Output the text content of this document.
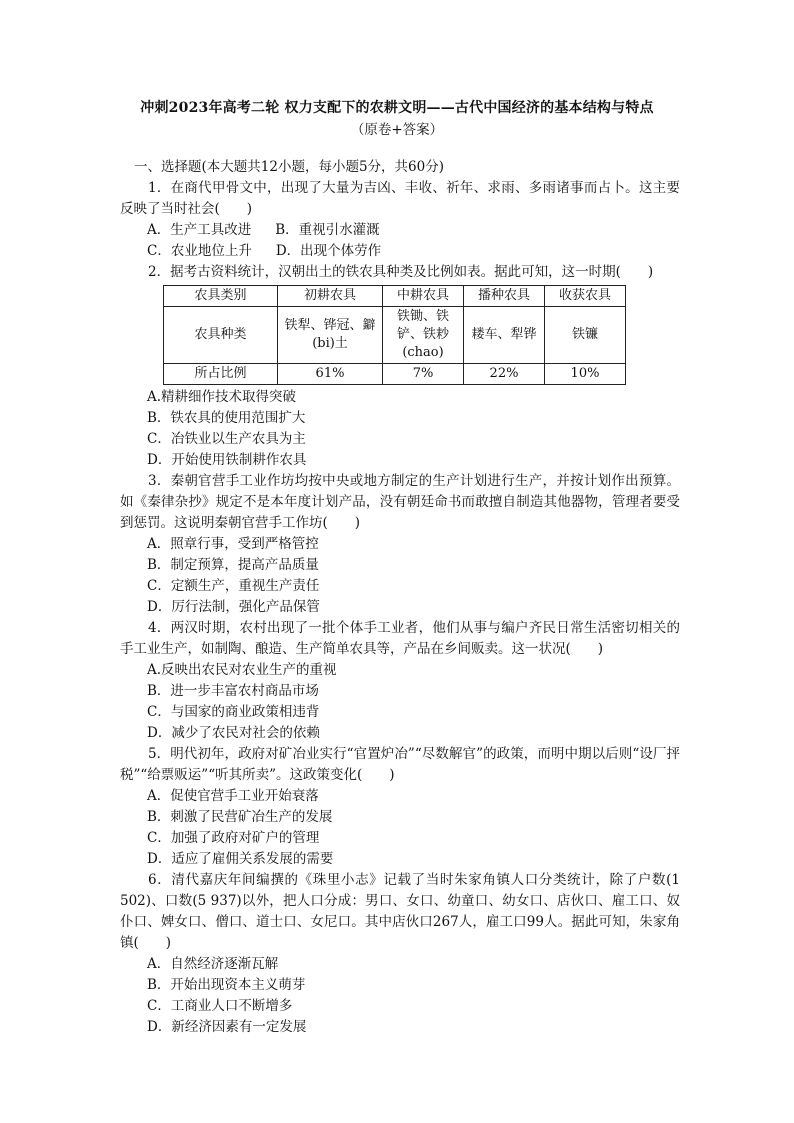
冲刺2023年高考二轮 权力支配下的农耕文明——古代中国经济的基本结构与特点
（原卷+答案）
一、选择题(本大题共12小题，每小题5分，共60分)
1．在商代甲骨文中，出现了大量为吉凶、丰收、祈年、求雨、多雨诸事而占卜。这主要反映了当时社会(　　)
A．生产工具改进 B．重视引水灌溉
C．农业地位上升 D．出现个体劳作
2．据考古资料统计，汉朝出土的铁农具种类及比例如表。据此可知，这一时期(　　)
农具类别	初耕农具	中耕农具	播种农具	收获农具
农具种类	铁犁、铧冠、鐴(bi)土	铁锄、铁铲、铁耖(chao)	耧车、犁铧	铁镰
所占比例	61%	7%	22%	10%
A.精耕细作技术取得突破
B．铁农具的使用范围扩大
C．冶铁业以生产农具为主
D．开始使用铁制耕作农具
3．秦朝官营手工业作坊均按中央或地方制定的生产计划进行生产，并按计划作出预算。如《秦律杂抄》规定不是本年度计划产品，没有朝廷命书而敢擅自制造其他器物，管理者要受到惩罚。这说明秦朝官营手工作坊(　　)
A．照章行事，受到严格管控
B．制定预算，提高产品质量
C．定额生产，重视生产责任
D．厉行法制，强化产品保管
4．两汉时期，农村出现了一批个体手工业者，他们从事与编户齐民日常生活密切相关的手工业生产，如制陶、酿造、生产简单农具等，产品在乡间贩卖。这一状况(　　)
A.反映出农民对农业生产的重视
B．进一步丰富农村商品市场
C．与国家的商业政策相违背
D．减少了农民对社会的依赖
5．明代初年，政府对矿冶业实行“官置炉冶”“尽数解官”的政策，而明中期以后则“设厂抨税”“给票贩运”“听其所卖”。这政策变化(　　)
A．促使官营手工业开始衰落
B．刺激了民营矿冶生产的发展
C．加强了政府对矿户的管理
D．适应了雇佣关系发展的需要
6．清代嘉庆年间编撰的《珠里小志》记载了当时朱家角镇人口分类统计，除了户数(1 502)、口数(5 937)以外，把人口分成：男口、女口、幼童口、幼女口、店伙口、雇工口、奴仆口、婢女口、僧口、道士口、女尼口。其中店伙口267人，雇工口99人。据此可知，朱家角镇(　　)
A．自然经济逐渐瓦解
B．开始出现资本主义萌芽
C．工商业人口不断增多
D．新经济因素有一定发展
